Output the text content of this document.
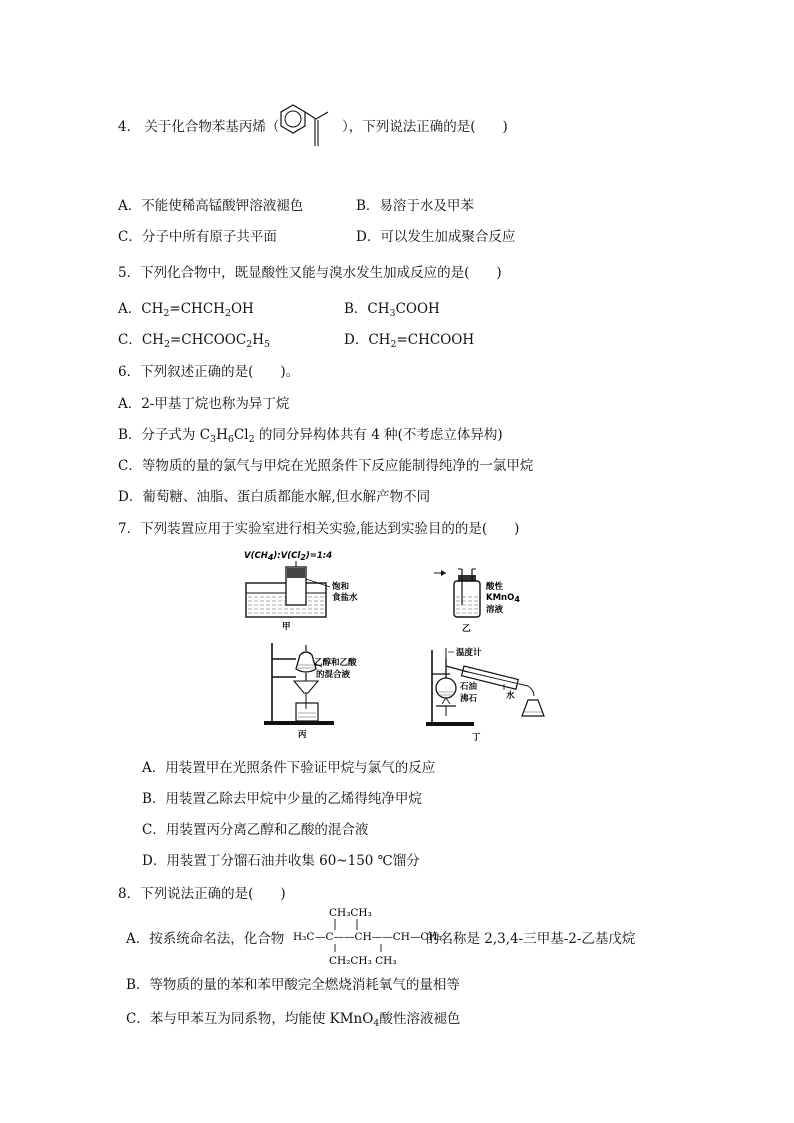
4． 关于化合物苯基丙烯（	），下列说法正确的是(　　)
A．不能使稀高锰酸钾溶液褪色	B．易溶于水及甲苯
C．分子中所有原子共平面	D．可以发生加成聚合反应
5．下列化合物中，既显酸性又能与溴水发生加成反应的是(　　)
A．$CH_2=CHCH_2OH$	B．$CH_3COOH$
C．$CH_2=CHCOOC_2H_5$	D．$CH_2=CHCOOH$
6．下列叙述正确的是(　　)。
A．2-甲基丁烷也称为异丁烷
B．分子式为 $C_3H_6Cl_2$ 的同分异构体共有 4 种(不考虑立体异构)
C．等物质的量的氯气与甲烷在光照条件下反应能制得纯净的一氯甲烷
D．葡萄糖、油脂、蛋白质都能水解,但水解产物不同
7．下列装置应用于实验室进行相关实验,能达到实验目的的是(　　)
V(CH4):V(Cl2)=1:4
饱和
食盐水
甲
酸性
KMnO4
溶液
乙
乙醇和乙酸
的混合液
丙
温度计
石油
沸石	水
丁
A．用装置甲在光照条件下验证甲烷与氯气的反应
B．用装置乙除去甲烷中少量的乙烯得纯净甲烷
C．用装置丙分离乙醇和乙酸的混合液
D．用装置丁分馏石油并收集 60~150 ℃馏分
8．下列说法正确的是(　　)
A．按系统命名法，化合物
CH₃CH₃
H₃C —C——CH——CH—CH₃
CH₂CH₃ CH₃
的名称是 2,3,4-三甲基-2-乙基戊烷
B．等物质的量的苯和苯甲酸完全燃烧消耗氧气的量相等
C．苯与甲苯互为同系物，均能使 KMnO$_4$酸性溶液褪色
